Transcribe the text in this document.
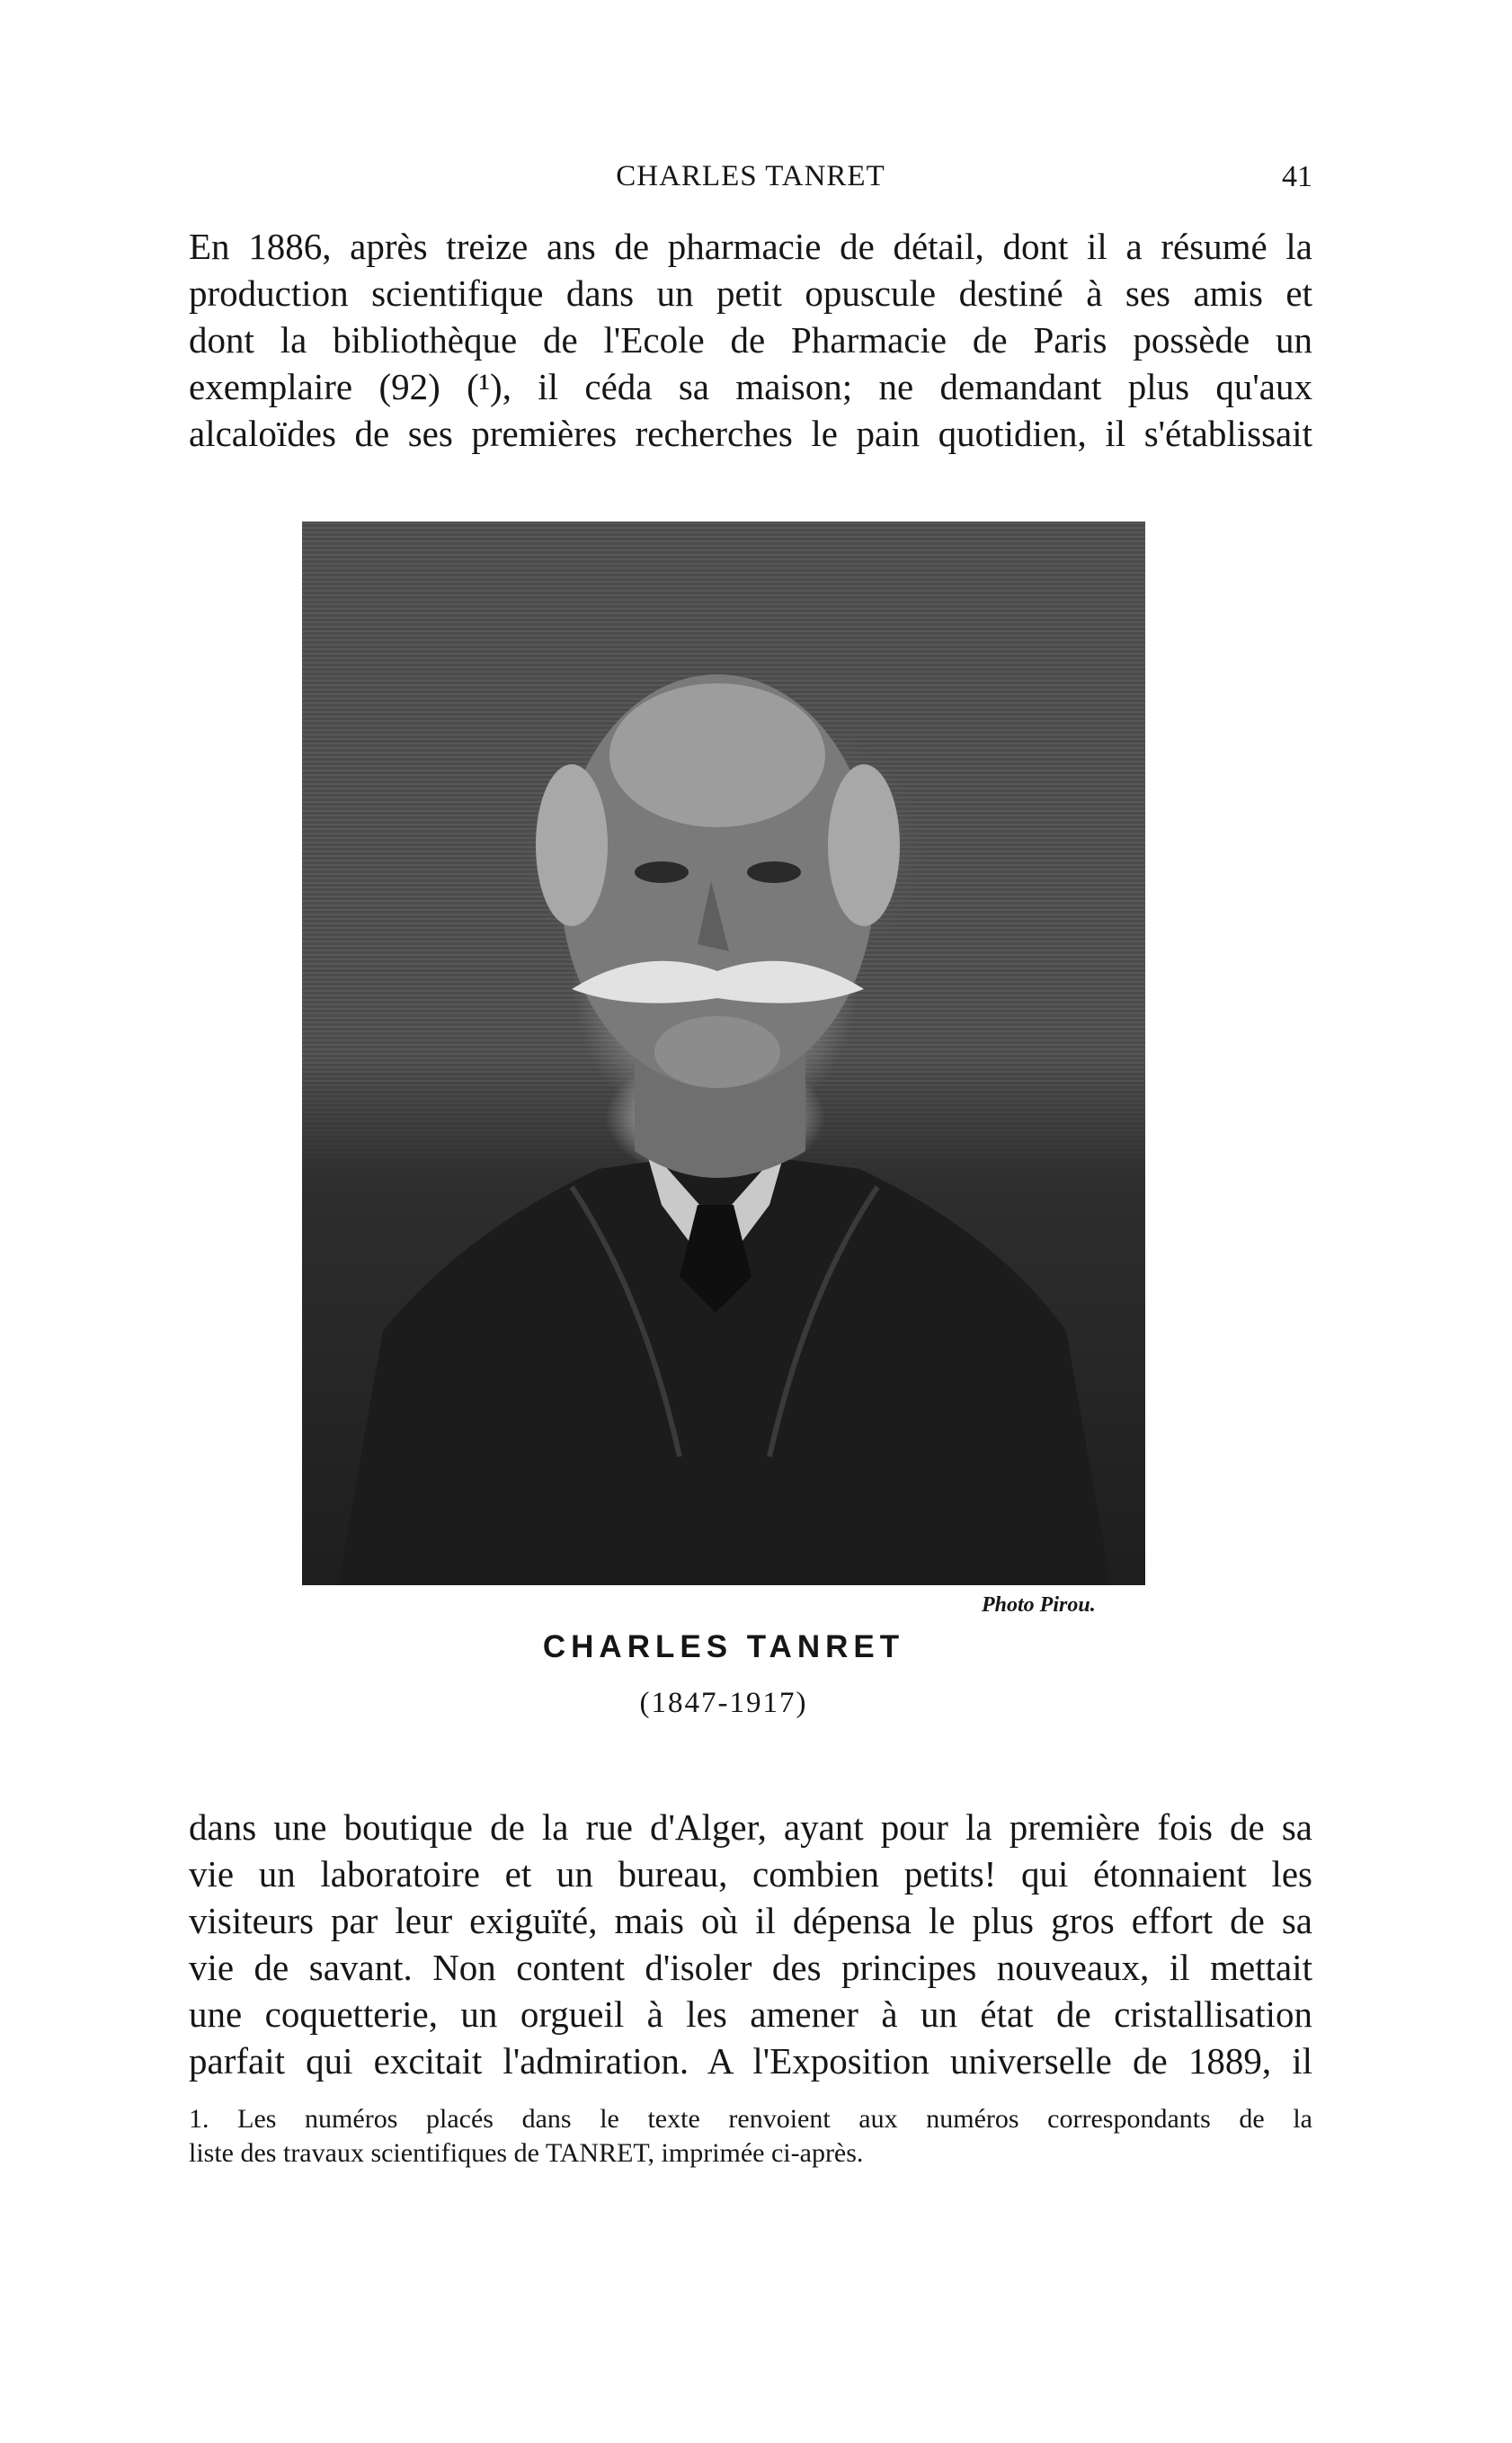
CHARLES TANRET	41
En 1886, après treize ans de pharmacie de détail, dont il a résumé la
production scientifique dans un petit opuscule destiné à ses amis et
dont la bibliothèque de l'Ecole de Pharmacie de Paris possède un
exemplaire (92) (¹), il céda sa maison; ne demandant plus qu'aux
alcaloïdes de ses premières recherches le pain quotidien, il s'établissait
Photo Pirou.
CHARLES TANRET
(1847-1917)
dans une boutique de la rue d'Alger, ayant pour la première fois de sa
vie un laboratoire et un bureau, combien petits! qui étonnaient les
visiteurs par leur exiguïté, mais où il dépensa le plus gros effort de sa
vie de savant. Non content d'isoler des principes nouveaux, il mettait
une coquetterie, un orgueil à les amener à un état de cristallisation
parfait qui excitait l'admiration. A l'Exposition universelle de 1889, il
1. Les numéros placés dans le texte renvoient aux numéros correspondants de la
liste des travaux scientifiques de TANRET, imprimée ci-après.
